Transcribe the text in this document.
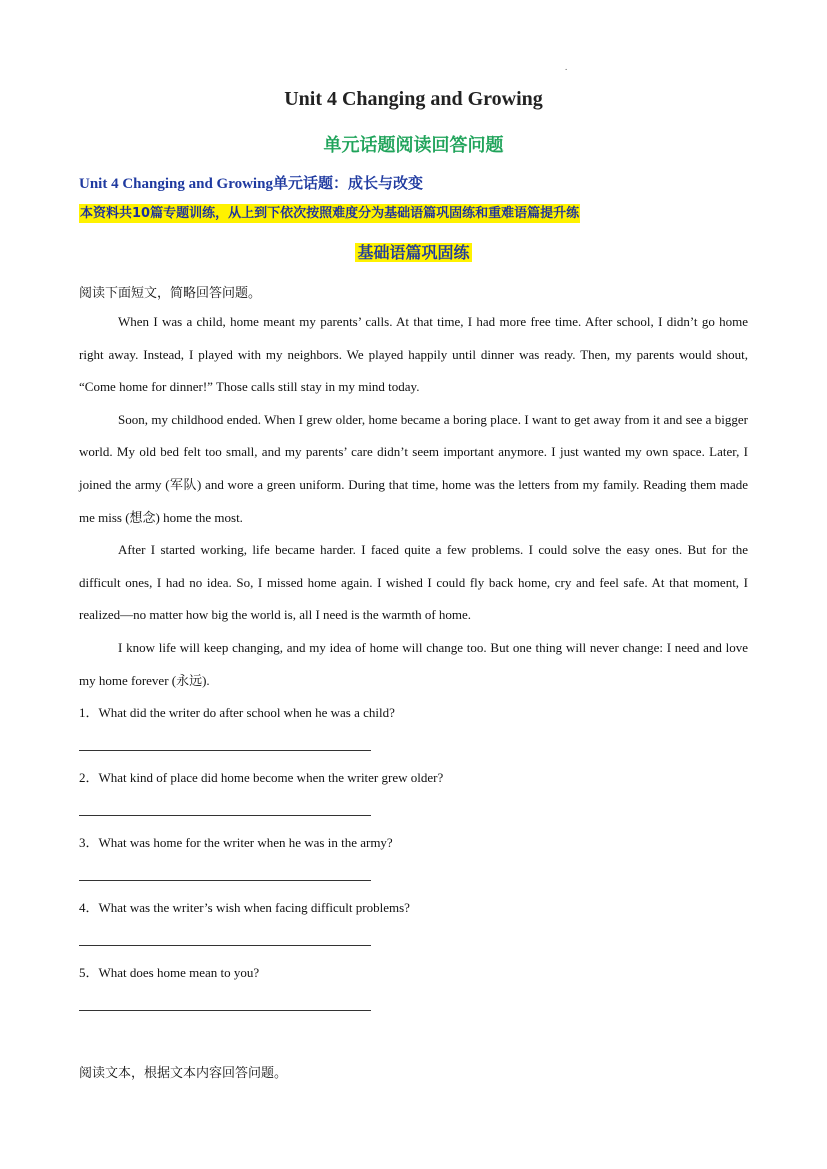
.
Unit 4 Changing and Growing
单元话题阅读回答问题
Unit 4 Changing and Growing单元话题：成长与改变
本资料共10篇专题训练，从上到下依次按照难度分为基础语篇巩固练和重难语篇提升练
基础语篇巩固练
阅读下面短文，简略回答问题。

When I was a child, home meant my parents’ calls. At that time, I had more free time. After school, I didn’t go home right away. Instead, I played with my neighbors. We played happily until dinner was ready. Then, my parents would shout, “Come home for dinner!” Those calls still stay in my mind today.

Soon, my childhood ended. When I grew older, home became a boring place. I want to get away from it and see a bigger world. My old bed felt too small, and my parents’ care didn’t seem important anymore. I just wanted my own space. Later, I joined the army (军队) and wore a green uniform. During that time, home was the letters from my family. Reading them made me miss (想念) home the most.

After I started working, life became harder. I faced quite a few problems. I could solve the easy ones. But for the difficult ones, I had no idea. So, I missed home again. I wished I could fly back home, cry and feel safe. At that moment, I realized—no matter how big the world is, all I need is the warmth of home.

I know life will keep changing, and my idea of home will change too. But one thing will never change: I need and love my home forever (永远).

1．What did the writer do after school when he was a child?
2．What kind of place did home become when the writer grew older?
3．What was home for the writer when he was in the army?
4．What was the writer’s wish when facing difficult problems?
5．What does home mean to you?
阅读文本，根据文本内容回答问题。
